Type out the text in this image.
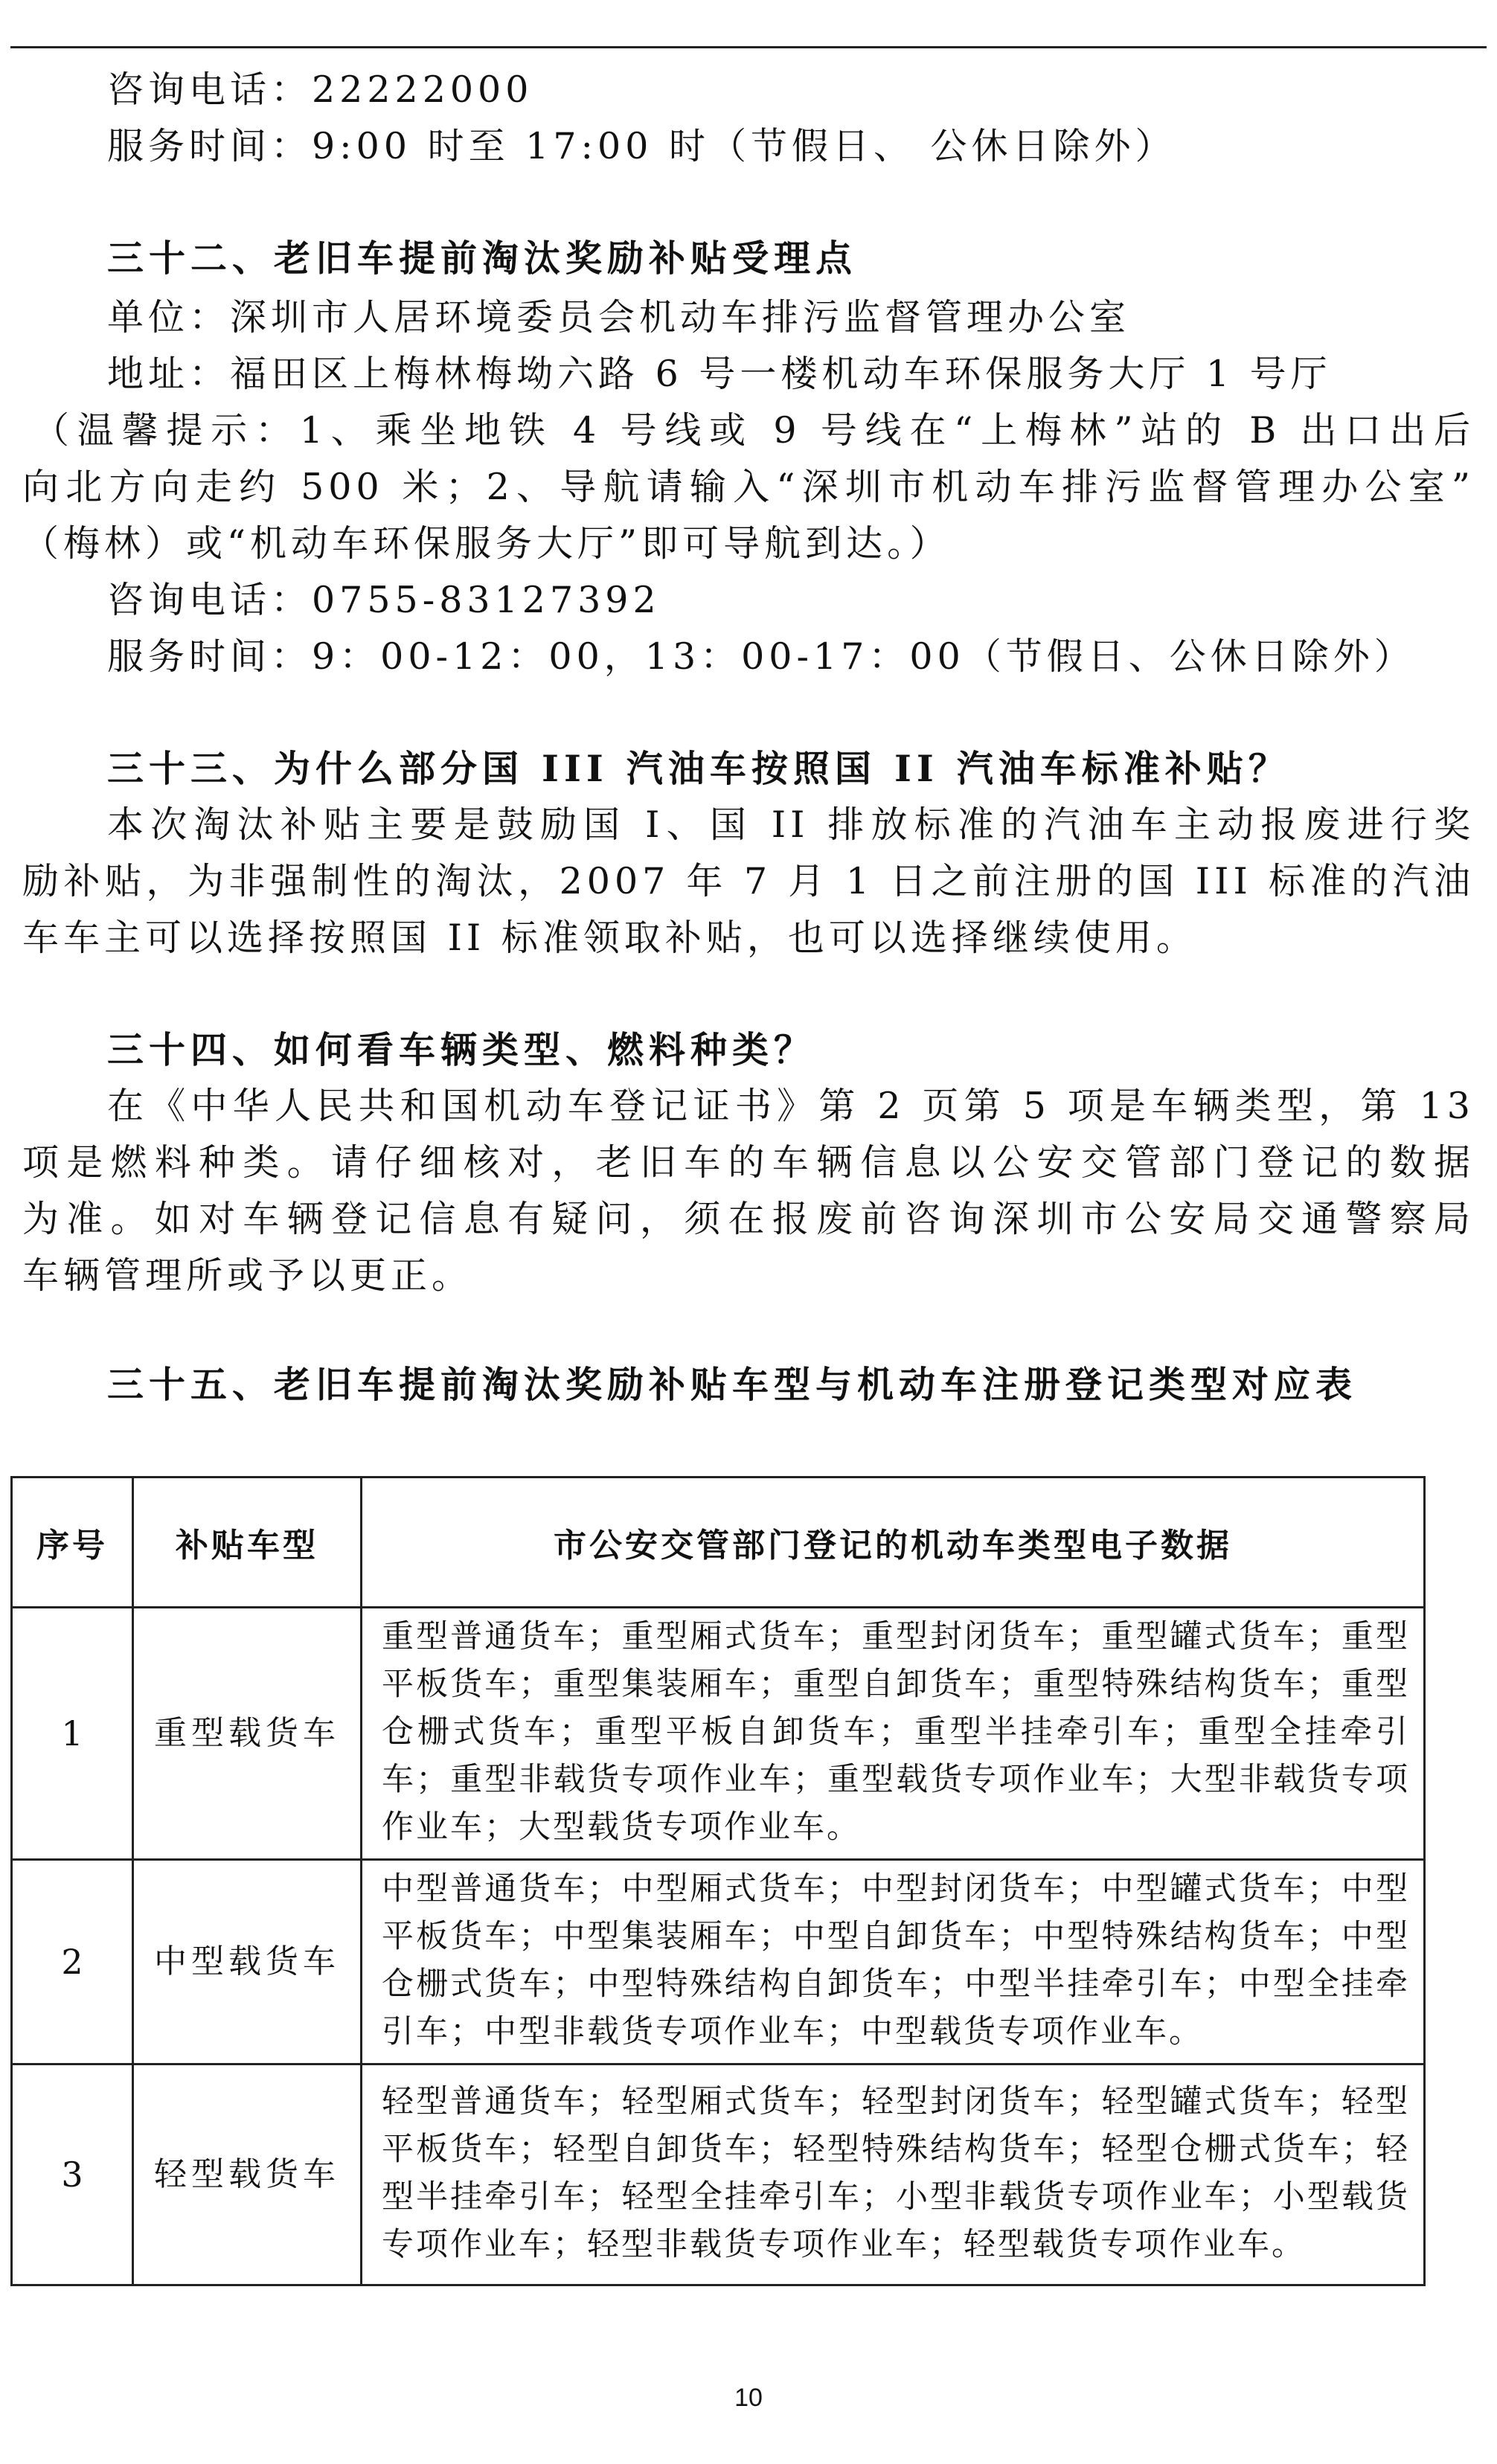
咨询电话：22222000
服务时间：9:00 时至 17:00 时（节假日、 公休日除外）
三十二、老旧车提前淘汰奖励补贴受理点
单位：深圳市人居环境委员会机动车排污监督管理办公室
地址：福田区上梅林梅坳六路 6 号一楼机动车环保服务大厅 1 号厅
（温馨提示：1、乘坐地铁 4 号线或 9 号线在“上梅林”站的 B 出口出后
向北方向走约 500 米；2、导航请输入“深圳市机动车排污监督管理办公室”
（梅林）或“机动车环保服务大厅”即可导航到达。）
咨询电话：0755-83127392
服务时间：9：00-12：00，13：00-17：00（节假日、公休日除外）
三十三、为什么部分国 III 汽油车按照国 II 汽油车标准补贴？
本次淘汰补贴主要是鼓励国 I、国 II 排放标准的汽油车主动报废进行奖
励补贴，为非强制性的淘汰，2007 年 7 月 1 日之前注册的国 III 标准的汽油
车车主可以选择按照国 II 标准领取补贴，也可以选择继续使用。
三十四、如何看车辆类型、燃料种类？
在《中华人民共和国机动车登记证书》第 2 页第 5 项是车辆类型，第 13
项是燃料种类。请仔细核对，老旧车的车辆信息以公安交管部门登记的数据
为准。如对车辆登记信息有疑问，须在报废前咨询深圳市公安局交通警察局
车辆管理所或予以更正。
三十五、老旧车提前淘汰奖励补贴车型与机动车注册登记类型对应表
序号	补贴车型	市公安交管部门登记的机动车类型电子数据
1	重型载货车	重型普通货车；重型厢式货车；重型封闭货车；重型罐式货车；重型平板货车；重型集装厢车；重型自卸货车；重型特殊结构货车；重型仓栅式货车；重型平板自卸货车；重型半挂牵引车；重型全挂牵引车；重型非载货专项作业车；重型载货专项作业车；大型非载货专项作业车；大型载货专项作业车。
2	中型载货车	中型普通货车；中型厢式货车；中型封闭货车；中型罐式货车；中型平板货车；中型集装厢车；中型自卸货车；中型特殊结构货车；中型仓栅式货车；中型特殊结构自卸货车；中型半挂牵引车；中型全挂牵引车；中型非载货专项作业车；中型载货专项作业车。
3	轻型载货车	轻型普通货车；轻型厢式货车；轻型封闭货车；轻型罐式货车；轻型平板货车；轻型自卸货车；轻型特殊结构货车；轻型仓栅式货车；轻型半挂牵引车；轻型全挂牵引车；小型非载货专项作业车；小型载货专项作业车；轻型非载货专项作业车；轻型载货专项作业车。
10
